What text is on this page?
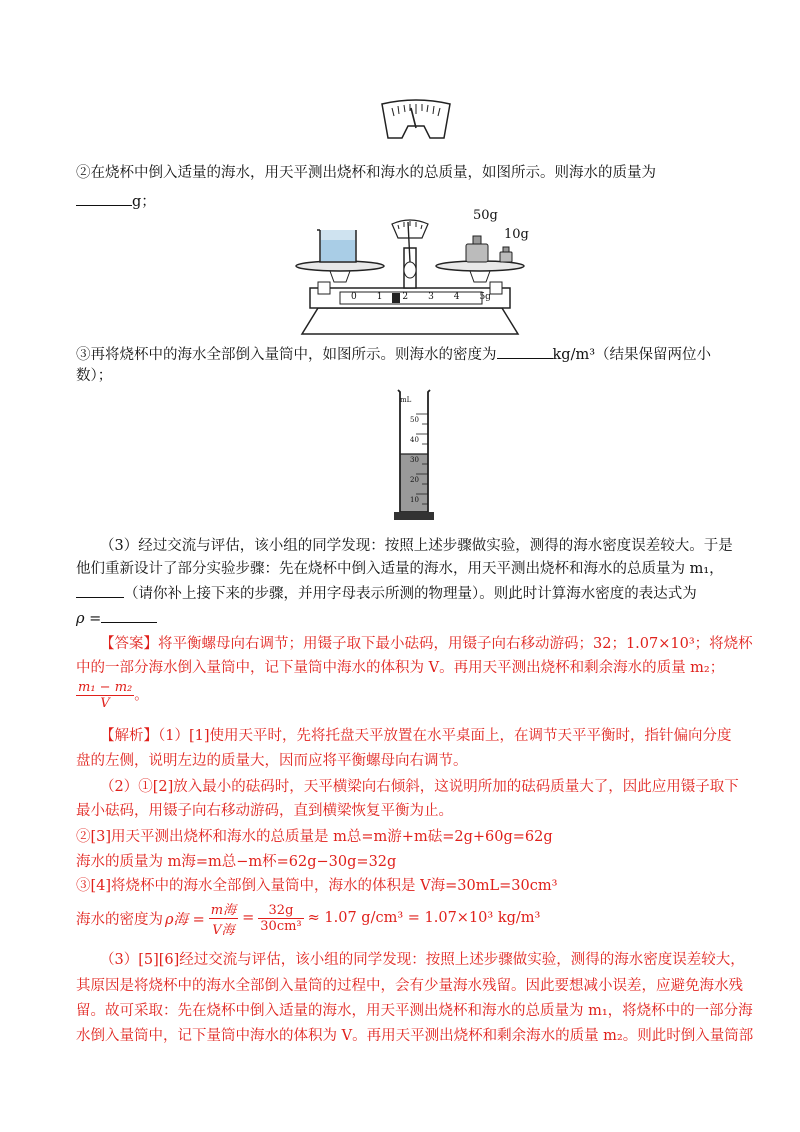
②在烧杯中倒入适量的海水，用天平测出烧杯和海水的总质量，如图所示。则海水的质量为
g；
50g
10g
0 1 2 3 4 5g
③再将烧杯中的海水全部倒入量筒中，如图所示。则海水的密度为	kg/m³（结果保留两位小
数）；
mL
50
40
30
20
10
（3）经过交流与评估，该小组的同学发现：按照上述步骤做实验，测得的海水密度误差较大。于是
他们重新设计了部分实验步骤：先在烧杯中倒入适量的海水，用天平测出烧杯和海水的总质量为 m₁，
（请你补上接下来的步骤，并用字母表示所测的物理量）。则此时计算海水密度的表达式为
ρ =
【答案】将平衡螺母向右调节；用镊子取下最小砝码，用镊子向右移动游码；32；1.07×10³；将烧杯
中的一部分海水倒入量筒中，记下量筒中海水的体积为 V。再用天平测出烧杯和剩余海水的质量 m₂；
$\frac{\text{m₁ − m₂}}{V}$ 。
【解析】（1）[1]使用天平时，先将托盘天平放置在水平桌面上，在调节天平平衡时，指针偏向分度
盘的左侧，说明左边的质量大，因而应将平衡螺母向右调节。
（2）①[2]放入最小的砝码时，天平横梁向右倾斜，这说明所加的砝码质量大了，因此应用镊子取下
最小砝码，用镊子向右移动游码，直到横梁恢复平衡为止。
②[3]用天平测出烧杯和海水的总质量是 m总=m游+m砝=2g+60g=62g
海水的质量为 m海=m总−m杯=62g−30g=32g
③[4]将烧杯中的海水全部倒入量筒中，海水的体积是 V海=30mL=30cm³
海水的密度为 ρ海 = $\frac{\text{m海}}{\text{V海}} = \frac{32g}{\text{30cm³}} \approx 1.07$ g/cm³ = 1.07×10³ kg/m³
（3）[5][6]经过交流与评估，该小组的同学发现：按照上述步骤做实验，测得的海水密度误差较大，
其原因是将烧杯中的海水全部倒入量筒的过程中，会有少量海水残留。因此要想减小误差，应避免海水残
留。故可采取：先在烧杯中倒入适量的海水，用天平测出烧杯和海水的总质量为 m₁，将烧杯中的一部分海
水倒入量筒中，记下量筒中海水的体积为 V。再用天平测出烧杯和剩余海水的质量 m₂。则此时倒入量筒部
